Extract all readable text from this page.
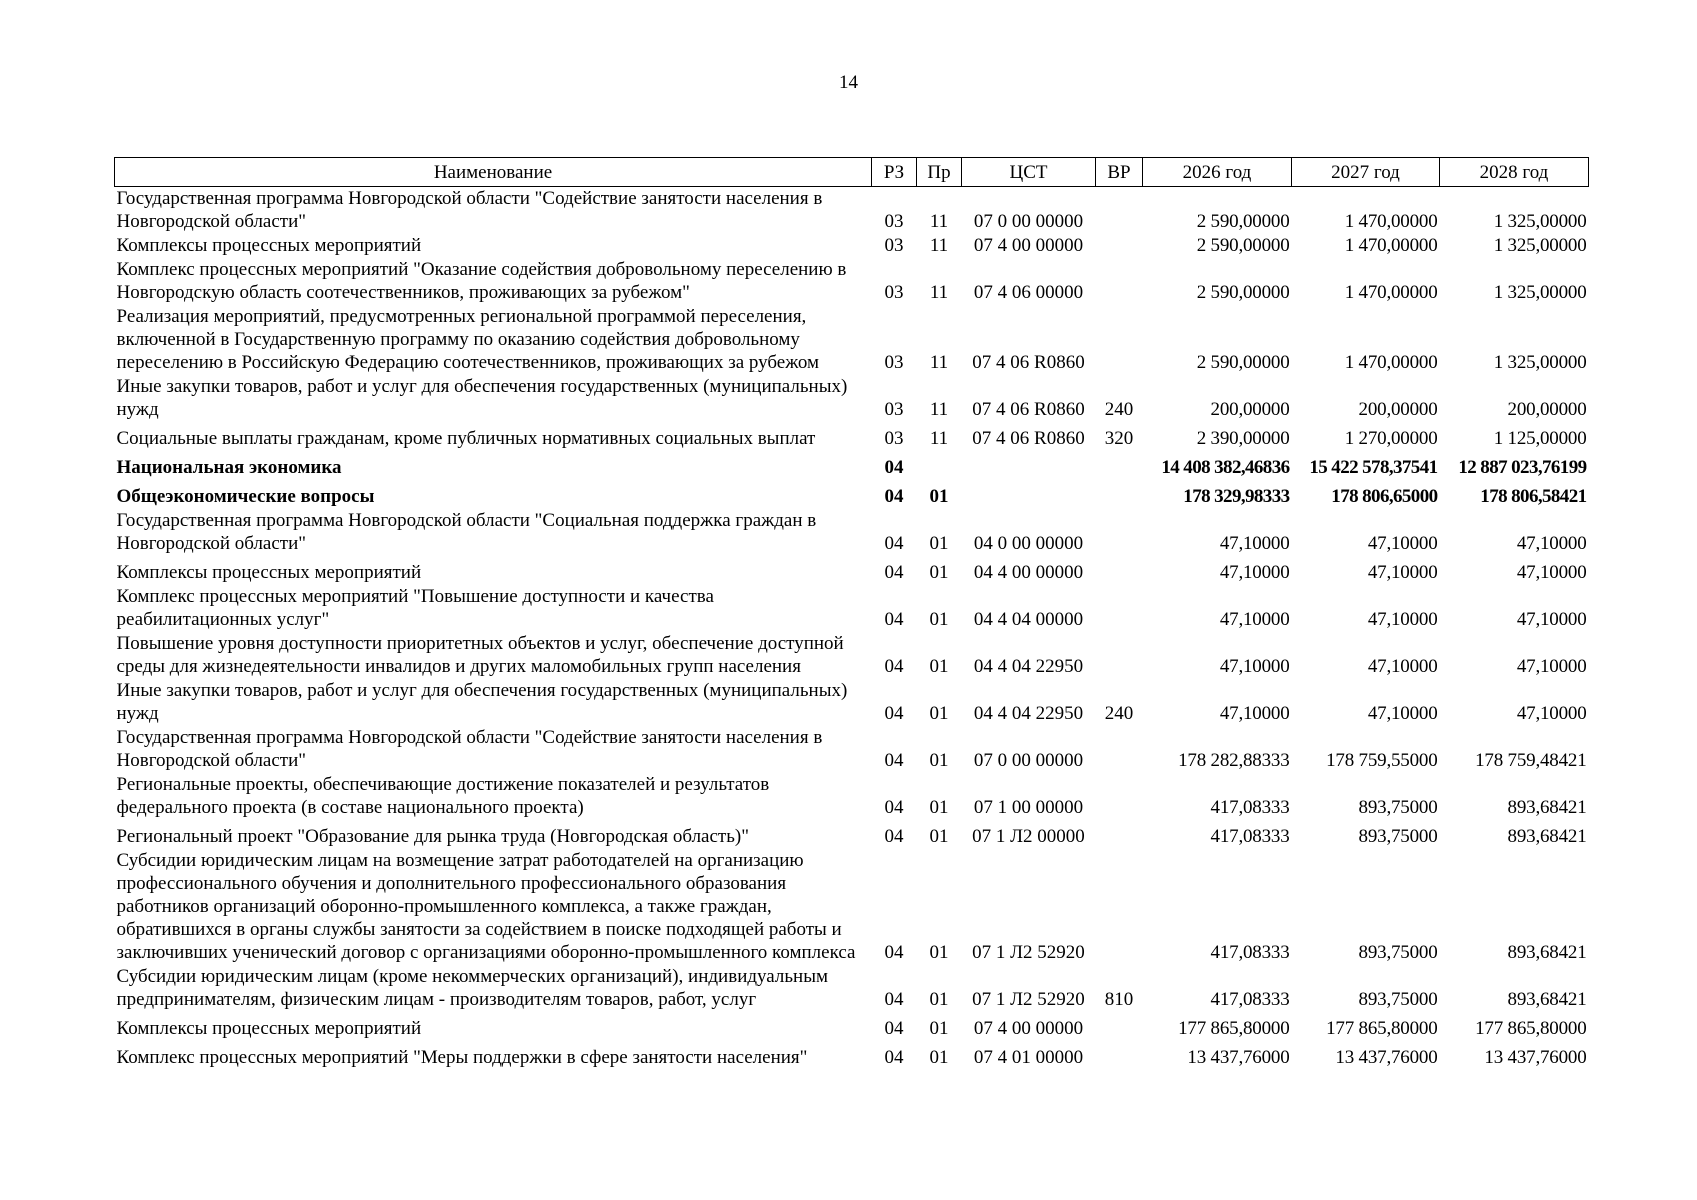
14
Наименование	РЗ	Пр	ЦСТ	ВР	2026 год	2027 год	2028 год
Государственная программа Новгородской области "Содействие занятости населения в Новгородской области"	03	11	07 0 00 00000		2 590,00000	1 470,00000	1 325,00000
Комплексы процессных мероприятий	03	11	07 4 00 00000		2 590,00000	1 470,00000	1 325,00000
Комплекс процессных мероприятий "Оказание содействия добровольному переселению в Новгородскую область соотечественников, проживающих за рубежом"	03	11	07 4 06 00000		2 590,00000	1 470,00000	1 325,00000
Реализация мероприятий, предусмотренных региональной программой переселения, включенной в Государственную программу по оказанию содействия добровольному переселению в Российскую Федерацию соотечественников, проживающих за рубежом	03	11	07 4 06 R0860		2 590,00000	1 470,00000	1 325,00000
Иные закупки товаров, работ и услуг для обеспечения государственных (муниципальных) нужд	03	11	07 4 06 R0860	240	200,00000	200,00000	200,00000
Социальные выплаты гражданам, кроме публичных нормативных социальных выплат	03	11	07 4 06 R0860	320	2 390,00000	1 270,00000	1 125,00000
Национальная экономика	04				14 408 382,46836	15 422 578,37541	12 887 023,76199
Общеэкономические вопросы	04	01			178 329,98333	178 806,65000	178 806,58421
Государственная программа Новгородской области "Социальная поддержка граждан в Новгородской области"	04	01	04 0 00 00000		47,10000	47,10000	47,10000
Комплексы процессных мероприятий	04	01	04 4 00 00000		47,10000	47,10000	47,10000
Комплекс процессных мероприятий "Повышение доступности и качества реабилитационных услуг"	04	01	04 4 04 00000		47,10000	47,10000	47,10000
Повышение уровня доступности приоритетных объектов и услуг, обеспечение доступной среды для жизнедеятельности инвалидов и других маломобильных групп населения	04	01	04 4 04 22950		47,10000	47,10000	47,10000
Иные закупки товаров, работ и услуг для обеспечения государственных (муниципальных) нужд	04	01	04 4 04 22950	240	47,10000	47,10000	47,10000
Государственная программа Новгородской области "Содействие занятости населения в Новгородской области"	04	01	07 0 00 00000		178 282,88333	178 759,55000	178 759,48421
Региональные проекты, обеспечивающие достижение показателей и результатов федерального проекта (в составе национального проекта)	04	01	07 1 00 00000		417,08333	893,75000	893,68421
Региональный проект "Образование для рынка труда (Новгородская область)"	04	01	07 1 Л2 00000		417,08333	893,75000	893,68421
Субсидии юридическим лицам на возмещение затрат работодателей на организацию профессионального обучения и дополнительного профессионального образования работников организаций оборонно-промышленного комплекса, а также граждан, обратившихся в органы службы занятости за содействием в поиске подходящей работы и заключивших ученический договор с организациями оборонно-промышленного комплекса	04	01	07 1 Л2 52920		417,08333	893,75000	893,68421
Субсидии юридическим лицам (кроме некоммерческих организаций), индивидуальным предпринимателям, физическим лицам - производителям товаров, работ, услуг	04	01	07 1 Л2 52920	810	417,08333	893,75000	893,68421
Комплексы процессных мероприятий	04	01	07 4 00 00000		177 865,80000	177 865,80000	177 865,80000
Комплекс процессных мероприятий "Меры поддержки в сфере занятости населения"	04	01	07 4 01 00000		13 437,76000	13 437,76000	13 437,76000
